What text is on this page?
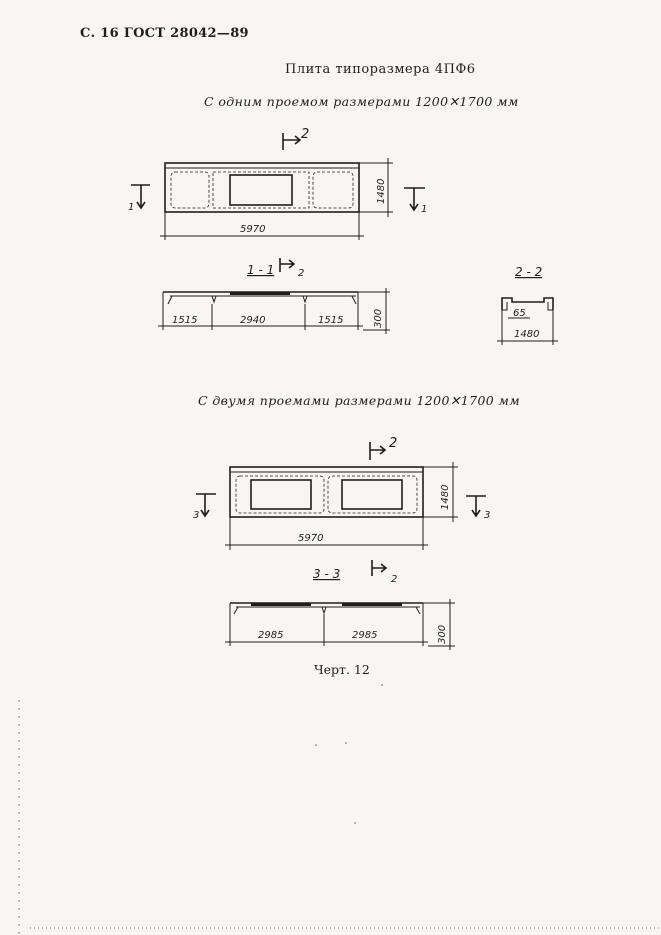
С. 16 ГОСТ 28042—89
Плита типоразмера 4ПФ6
С одним проемом размерами 1200✕1700 мм
С двумя проемами размерами 1200✕1700 мм
Черт. 12
5970
1480
2
1	1
1 - 1 2
1515	2940	1515	300
2 - 2
65
1480
5970
1480
2
3	3
3 - 3	2
2985	2985	300
